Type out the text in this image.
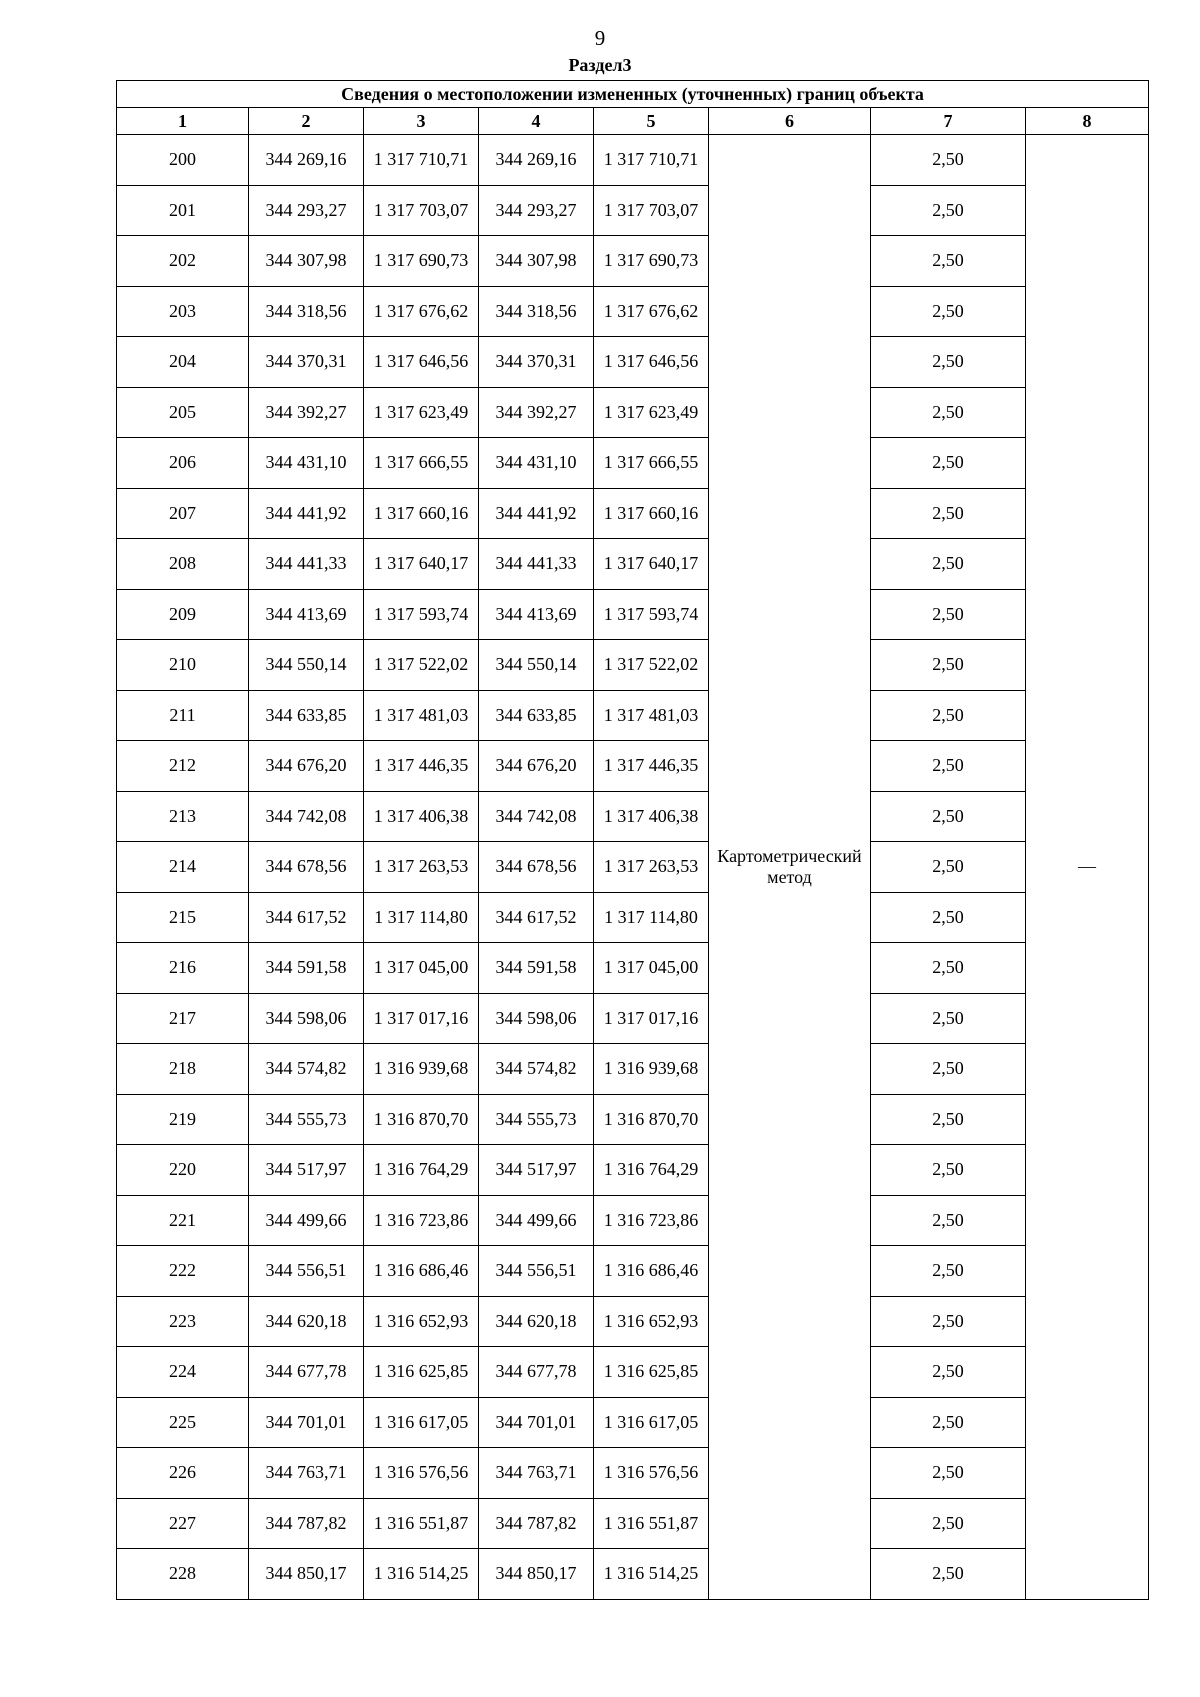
9
Раздел3
Сведения о местоположении измененных (уточненных) границ объекта							
1	2	3	4	5	6	7	8
200	344 269,16	1 317 710,71	344 269,16	1 317 710,71	Картометрический метод	2,50	—
201	344 293,27	1 317 703,07	344 293,27	1 317 703,07		2,50	
202	344 307,98	1 317 690,73	344 307,98	1 317 690,73		2,50	
203	344 318,56	1 317 676,62	344 318,56	1 317 676,62		2,50	
204	344 370,31	1 317 646,56	344 370,31	1 317 646,56		2,50	
205	344 392,27	1 317 623,49	344 392,27	1 317 623,49		2,50	
206	344 431,10	1 317 666,55	344 431,10	1 317 666,55		2,50	
207	344 441,92	1 317 660,16	344 441,92	1 317 660,16		2,50	
208	344 441,33	1 317 640,17	344 441,33	1 317 640,17		2,50	
209	344 413,69	1 317 593,74	344 413,69	1 317 593,74		2,50	
210	344 550,14	1 317 522,02	344 550,14	1 317 522,02		2,50	
211	344 633,85	1 317 481,03	344 633,85	1 317 481,03		2,50	
212	344 676,20	1 317 446,35	344 676,20	1 317 446,35		2,50	
213	344 742,08	1 317 406,38	344 742,08	1 317 406,38		2,50	
214	344 678,56	1 317 263,53	344 678,56	1 317 263,53		2,50	
215	344 617,52	1 317 114,80	344 617,52	1 317 114,80		2,50	
216	344 591,58	1 317 045,00	344 591,58	1 317 045,00		2,50	
217	344 598,06	1 317 017,16	344 598,06	1 317 017,16		2,50	
218	344 574,82	1 316 939,68	344 574,82	1 316 939,68		2,50	
219	344 555,73	1 316 870,70	344 555,73	1 316 870,70		2,50	
220	344 517,97	1 316 764,29	344 517,97	1 316 764,29		2,50	
221	344 499,66	1 316 723,86	344 499,66	1 316 723,86		2,50	
222	344 556,51	1 316 686,46	344 556,51	1 316 686,46		2,50	
223	344 620,18	1 316 652,93	344 620,18	1 316 652,93		2,50	
224	344 677,78	1 316 625,85	344 677,78	1 316 625,85		2,50	
225	344 701,01	1 316 617,05	344 701,01	1 316 617,05		2,50	
226	344 763,71	1 316 576,56	344 763,71	1 316 576,56		2,50	
227	344 787,82	1 316 551,87	344 787,82	1 316 551,87		2,50	
228	344 850,17	1 316 514,25	344 850,17	1 316 514,25		2,50	
